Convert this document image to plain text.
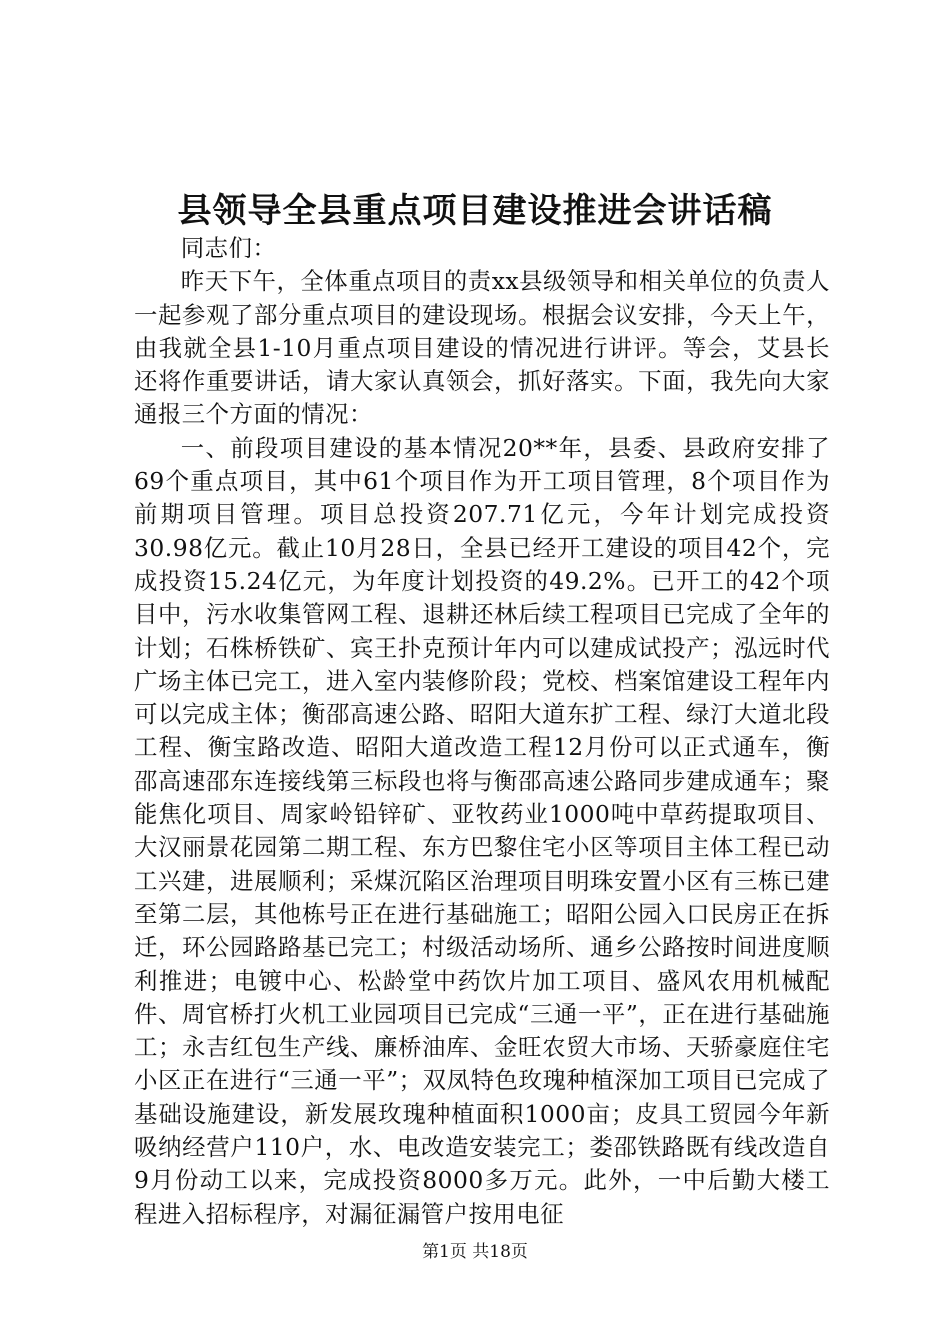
县领导全县重点项目建设推进会讲话稿

同志们：

昨天下午，全体重点项目的责xx县级领导和相关单位的负责人一起参观了部分重点项目的建设现场。根据会议安排，今天上午，由我就全县1-10月重点项目建设的情况进行讲评。等会，艾县长还将作重要讲话，请大家认真领会，抓好落实。下面，我先向大家通报三个方面的情况：

一、前段项目建设的基本情况20**年，县委、县政府安排了69个重点项目，其中61个项目作为开工项目管理，8个项目作为前期项目管理。项目总投资207.71亿元，今年计划完成投资30.98亿元。截止10月28日，全县已经开工建设的项目42个，完成投资15.24亿元，为年度计划投资的49.2%。已开工的42个项目中，污水收集管网工程、退耕还林后续工程项目已完成了全年的计划；石株桥铁矿、宾王扑克预计年内可以建成试投产；泓远时代广场主体已完工，进入室内装修阶段；党校、档案馆建设工程年内可以完成主体；衡邵高速公路、昭阳大道东扩工程、绿汀大道北段工程、衡宝路改造、昭阳大道改造工程12月份可以正式通车，衡邵高速邵东连接线第三标段也将与衡邵高速公路同步建成通车；聚能焦化项目、周家岭铅锌矿、亚牧药业1000吨中草药提取项目、大汉丽景花园第二期工程、东方巴黎住宅小区等项目主体工程已动工兴建，进展顺利；采煤沉陷区治理项目明珠安置小区有三栋已建至第二层，其他栋号正在进行基础施工；昭阳公园入口民房正在拆迁，环公园路路基已完工；村级活动场所、通乡公路按时间进度顺利推进；电镀中心、松龄堂中药饮片加工项目、盛风农用机械配件、周官桥打火机工业园项目已完成“三通一平”，正在进行基础施工；永吉红包生产线、廉桥油库、金旺农贸大市场、天骄豪庭住宅小区正在进行“三通一平”；双凤特色玫瑰种植深加工项目已完成了基础设施建设，新发展玫瑰种植面积1000亩；皮具工贸园今年新吸纳经营户110户，水、电改造安装完工；娄邵铁路既有线改造自9月份动工以来，完成投资8000多万元。此外，一中后勤大楼工程进入招标程序，对漏征漏管户按用电征

第1页 共18页
